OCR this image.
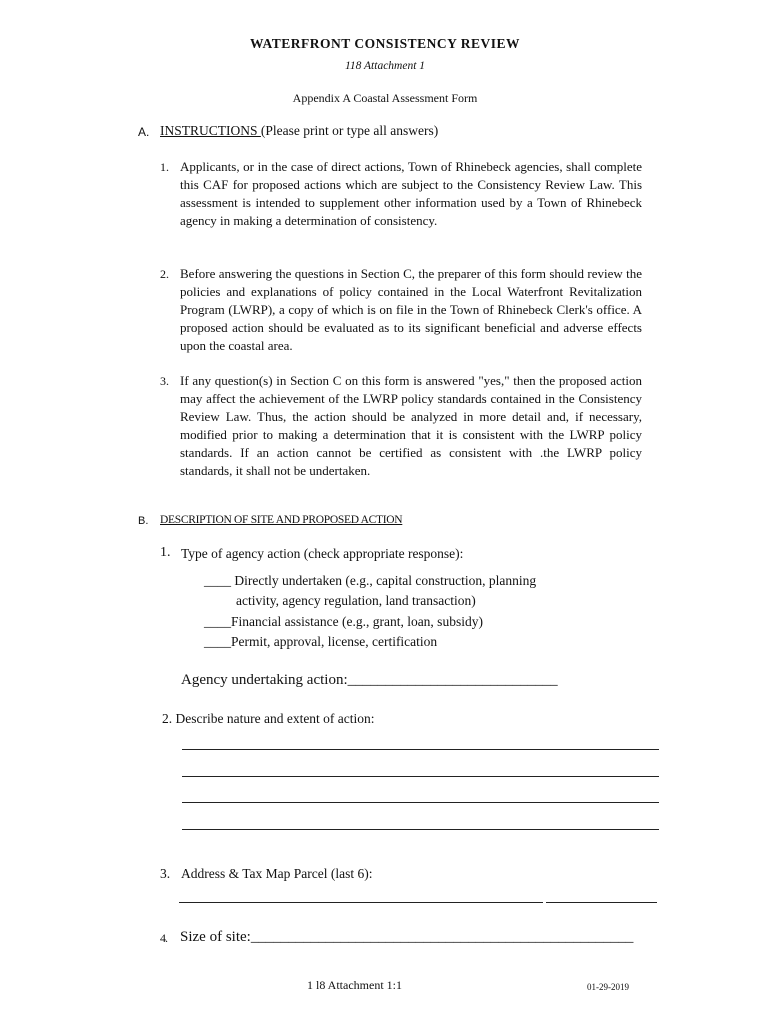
WATERFRONT CONSISTENCY REVIEW
118 Attachment 1
Appendix A Coastal Assessment Form
A. INSTRUCTIONS (Please print or type all answers)
1. Applicants, or in the case of direct actions, Town of Rhinebeck agencies, shall complete this CAF for proposed actions which are subject to the Consistency Review Law. This assessment is intended to supplement other information used by a Town of Rhinebeck agency in making a determination of consistency.
2. Before answering the questions in Section C, the preparer of this form should review the policies and explanations of policy contained in the Local Waterfront Revitalization Program (LWRP), a copy of which is on file in the Town of Rhinebeck Clerk's office. A proposed action should be evaluated as to its significant beneficial and adverse effects upon the coastal area.
3. If any question(s) in Section C on this form is answered "yes," then the proposed action may affect the achievement of the LWRP policy standards contained in the Consistency Review Law. Thus, the action should be analyzed in more detail and, if necessary, modified prior to making a determination that it is consistent with the LWRP policy standards. If an action cannot be certified as consistent with .the LWRP policy standards, it shall not be undertaken.
B. DESCRIPTION OF SITE AND PROPOSED ACTION
1. Type of agency action (check appropriate response):
____ Directly undertaken (e.g., capital construction, planning
activity, agency regulation, land transaction)
____Financial assistance (e.g., grant, loan, subsidy)
____Permit, approval, license, certification
Agency undertaking action:____________________________
2. Describe nature and extent of action:
3. Address & Tax Map Parcel (last 6):
4. Size of site:___________________________________________________
1 l8 Attachment 1:1	01-29-2019
